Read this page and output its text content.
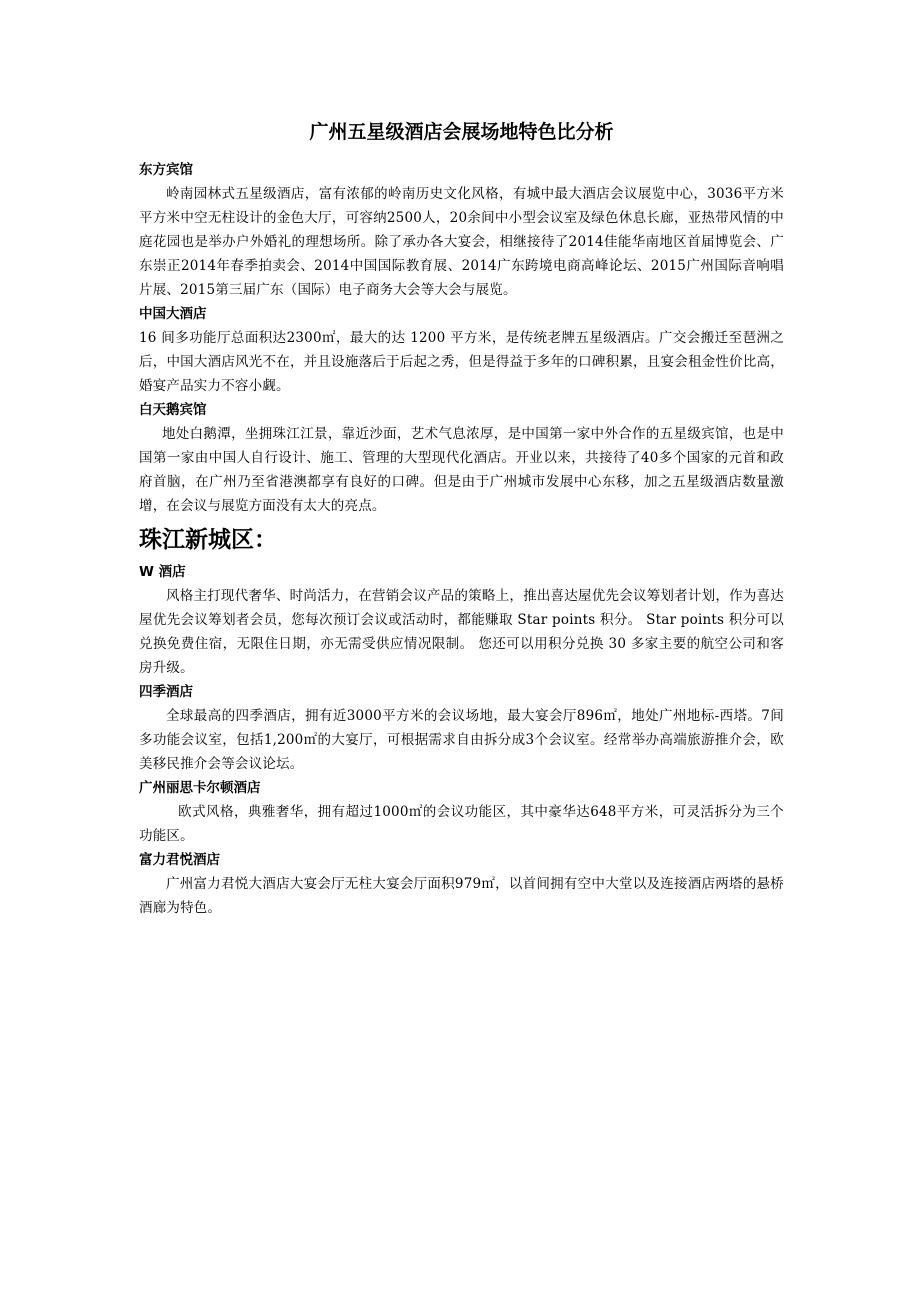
广州五星级酒店会展场地特色比分析

东方宾馆

岭南园林式五星级酒店，富有浓郁的岭南历史文化风格，有城中最大酒店会议展览中心，3036平方米平方米中空无柱设计的金色大厅，可容纳2500人，20余间中小型会议室及绿色休息长廊，亚热带风情的中庭花园也是举办户外婚礼的理想场所。除了承办各大宴会，相继接待了2014佳能华南地区首届博览会、广东崇正2014年春季拍卖会、2014中国国际教育展、2014广东跨境电商高峰论坛、2015广州国际音响唱片展、2015第三届广东（国际）电子商务大会等大会与展览。

中国大酒店

16 间多功能厅总面积达2300㎡，最大的达 1200 平方米，是传统老牌五星级酒店。广交会搬迁至琶洲之后，中国大酒店风光不在，并且设施落后于后起之秀，但是得益于多年的口碑积累，且宴会租金性价比高，婚宴产品实力不容小觑。

白天鹅宾馆

地处白鹅潭，坐拥珠江江景，靠近沙面，艺术气息浓厚，是中国第一家中外合作的五星级宾馆，也是中国第一家由中国人自行设计、施工、管理的大型现代化酒店。开业以来，共接待了40多个国家的元首和政府首脑，在广州乃至省港澳都享有良好的口碑。但是由于广州城市发展中心东移，加之五星级酒店数量激增，在会议与展览方面没有太大的亮点。

珠江新城区：

W 酒店

风格主打现代奢华、时尚活力，在营销会议产品的策略上，推出喜达屋优先会议筹划者计划，作为喜达屋优先会议筹划者会员，您每次预订会议或活动时，都能赚取 Star points 积分。 Star points 积分可以兑换免费住宿，无限住日期，亦无需受供应情况限制。 您还可以用积分兑换 30 多家主要的航空公司和客房升级。

四季酒店

全球最高的四季酒店，拥有近3000平方米的会议场地，最大宴会厅896㎡，地处广州地标-西塔。7间多功能会议室，包括1,200㎡的大宴厅，可根据需求自由拆分成3个会议室。经常举办高端旅游推介会，欧美移民推介会等会议论坛。

广州丽思卡尔顿酒店

欧式风格，典雅奢华，拥有超过1000㎡的会议功能区，其中豪华达648平方米，可灵活拆分为三个功能区。

富力君悦酒店

广州富力君悦大酒店大宴会厅无柱大宴会厅面积979㎡，以首间拥有空中大堂以及连接酒店两塔的悬桥酒廊为特色。
